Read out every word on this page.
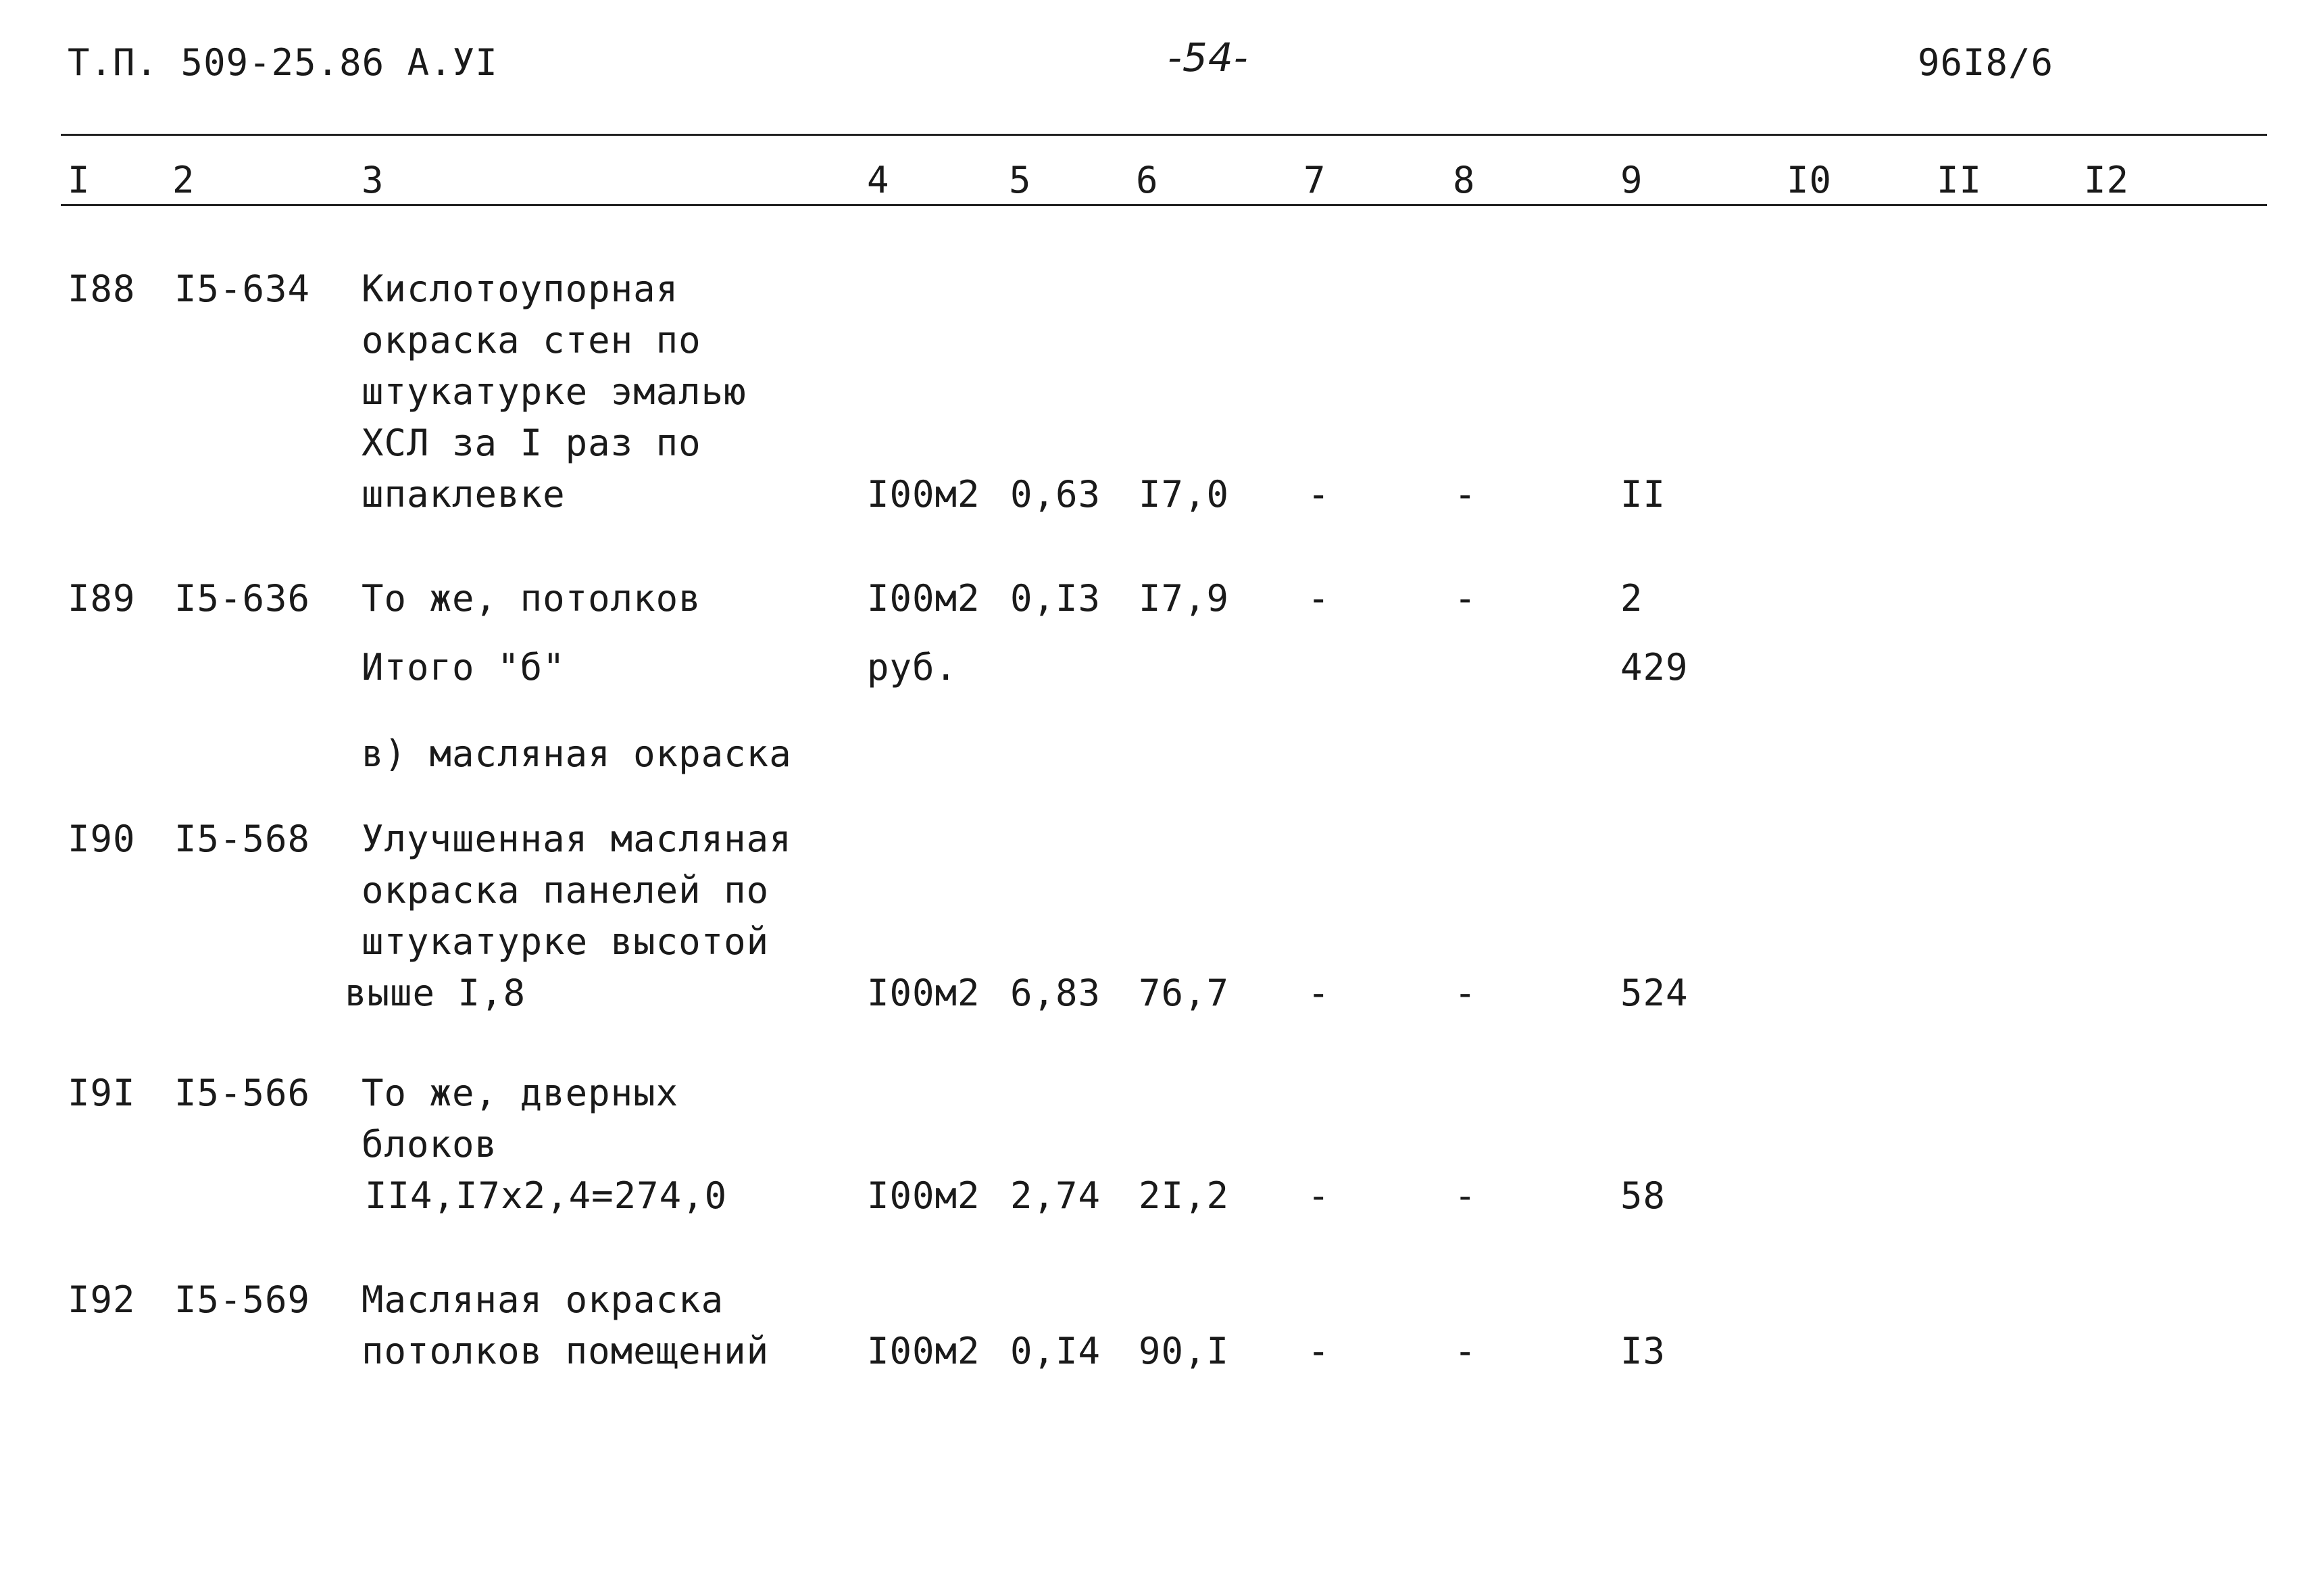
Т.П. 509-25.86 А.УI	-54-	96I8/6
I 2	3	4	5	6	7	8	9	I0	II	I2
I88 I5-634 Кислотоупорная
окраска стен по
штукатурке эмалью
ХСЛ за I раз по
шпаклевке	I00м2 0,63 I7,0 -	-	II
I89 I5-636 То же, потолков	I00м2 0,I3 I7,9 -	-	2
Итого "б"	руб.	429
в) масляная окраска
I90 I5-568 Улучшенная масляная
окраска панелей по
штукатурке высотой
выше I,8	I00м2 6,83 76,7 -	-	524
I9I I5-566 То же, дверных
блоков
II4,I7х2,4=274,0	I00м2 2,74 2I,2 -	-	58
I92 I5-569 Масляная окраска
потолков помещений	I00м2 0,I4 90,I -	-	I3
